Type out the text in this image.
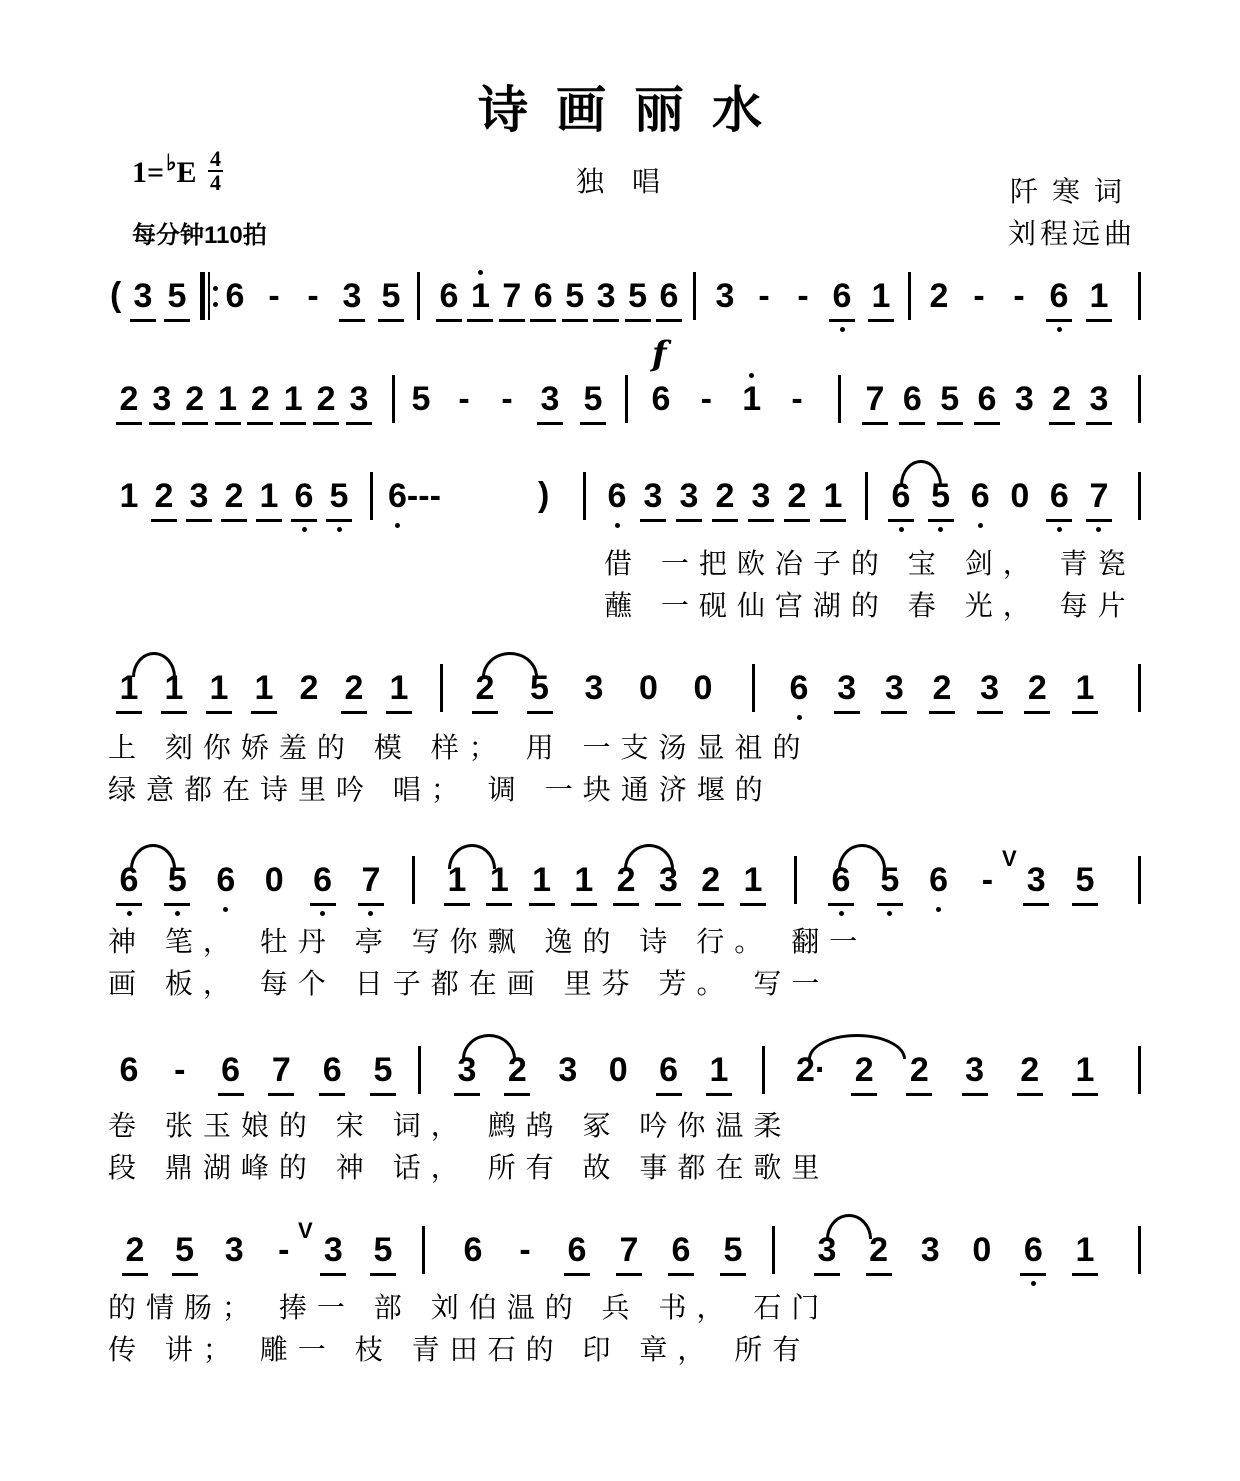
诗画丽水
$1=^♭E \frac{4}{4}$
每分钟110拍
独唱	阡寒词
刘程远曲
3 5 6 - - 3 5 6 1 7 6 5 3 5 6 3 - - 6 1 2 - - 6 1
2 3 2 1 2 1 2 3 5 - - 3 5 6 - 1 - 7 6 5 6 3 2 3
1 2 3 2 1 6 5 6 - - -	6 3 3 2 3 2 1 6 5 6 0 6 7
1 1 1 1 2 2 1 2 5 3 0 0 6 3 3 2 3 2 1
6 5 6 0 6 7 1 1 1 1 2 3 2 1 6 5 6 - 3 5
6 - 6 7 6 5 3 2 3 0 6 1 2· 2 2 3 2 1
2 5 3 - 3 5 6 - 6 7 6 5 3 2 3 0 6 1
借 一把欧冶子的 宝 剑， 青瓷
蘸 一砚仙宫湖的 春 光， 每片
上 刻你娇羞的 模 样； 用 一支汤显祖的
绿意都在诗里吟 唱； 调 一块通济堰的
神 笔， 牡丹 亭 写你飘 逸的 诗 行。 翻一
画 板， 每个 日子都在画 里芬 芳。 写一
卷 张玉娘的 宋 词， 鹧鸪 冢 吟你温柔
段 鼎湖峰的 神 话， 所有 故 事都在歌里
的情肠； 捧一 部 刘伯温的 兵 书， 石门
传 讲； 雕一 枝 青田石的 印 章， 所有
(
)
f
V
V
